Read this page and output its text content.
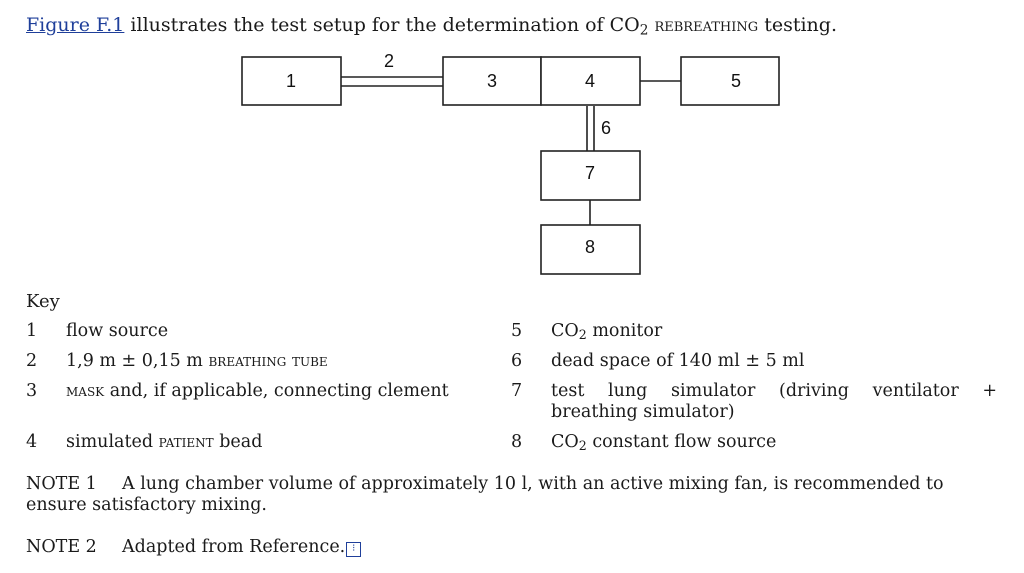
Figure F.1 illustrates the test setup for the determination of $CO_2$ rebreathing testing.
1	3	4	5
7
8
2
6
Key
1	flow source
2	1,9 m ± 0,15 m breathing tube
3	mask and, if applicable, connecting clement
4	simulated patient bead
5	$CO_2$ monitor
6	dead space of 140 ml ± 5 ml
7	test lung simulator (driving ventilator + breathing simulator)
8	$CO_2$ constant flow source
NOTE 1 A lung chamber volume of approximately 10 l, with an active mixing fan, is recommended to ensure satisfactory mixing.
NOTE 2 Adapted from Reference. ⁝
